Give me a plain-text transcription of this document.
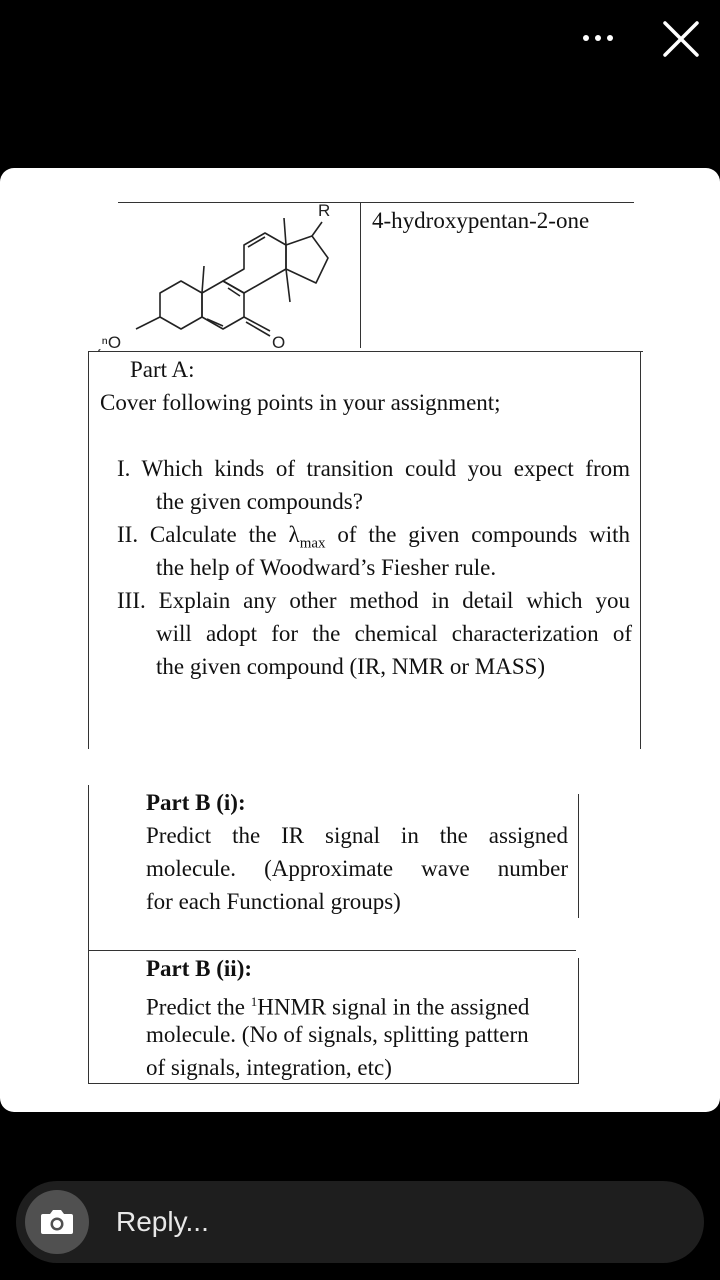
R
O
ˏⁿO
4-hydroxypentan-2-one
Part A:
Cover following points in your assignment;
I. Which kinds of transition could you expect from
the given compounds?
II. Calculate the $\lambda_{max}$ of the given compounds with
the help of Woodward’s Fiesher rule.
III. Explain any other method in detail which you
will adopt for the chemical characterization of
the given compound (IR, NMR or MASS)
Part B (i):
Predict the IR signal in the assigned
molecule. (Approximate wave number
for each Functional groups)
Part B (ii):
Predict the $^1$HNMR signal in the assigned
molecule. (No of signals, splitting pattern
of signals, integration, etc)
Reply...
